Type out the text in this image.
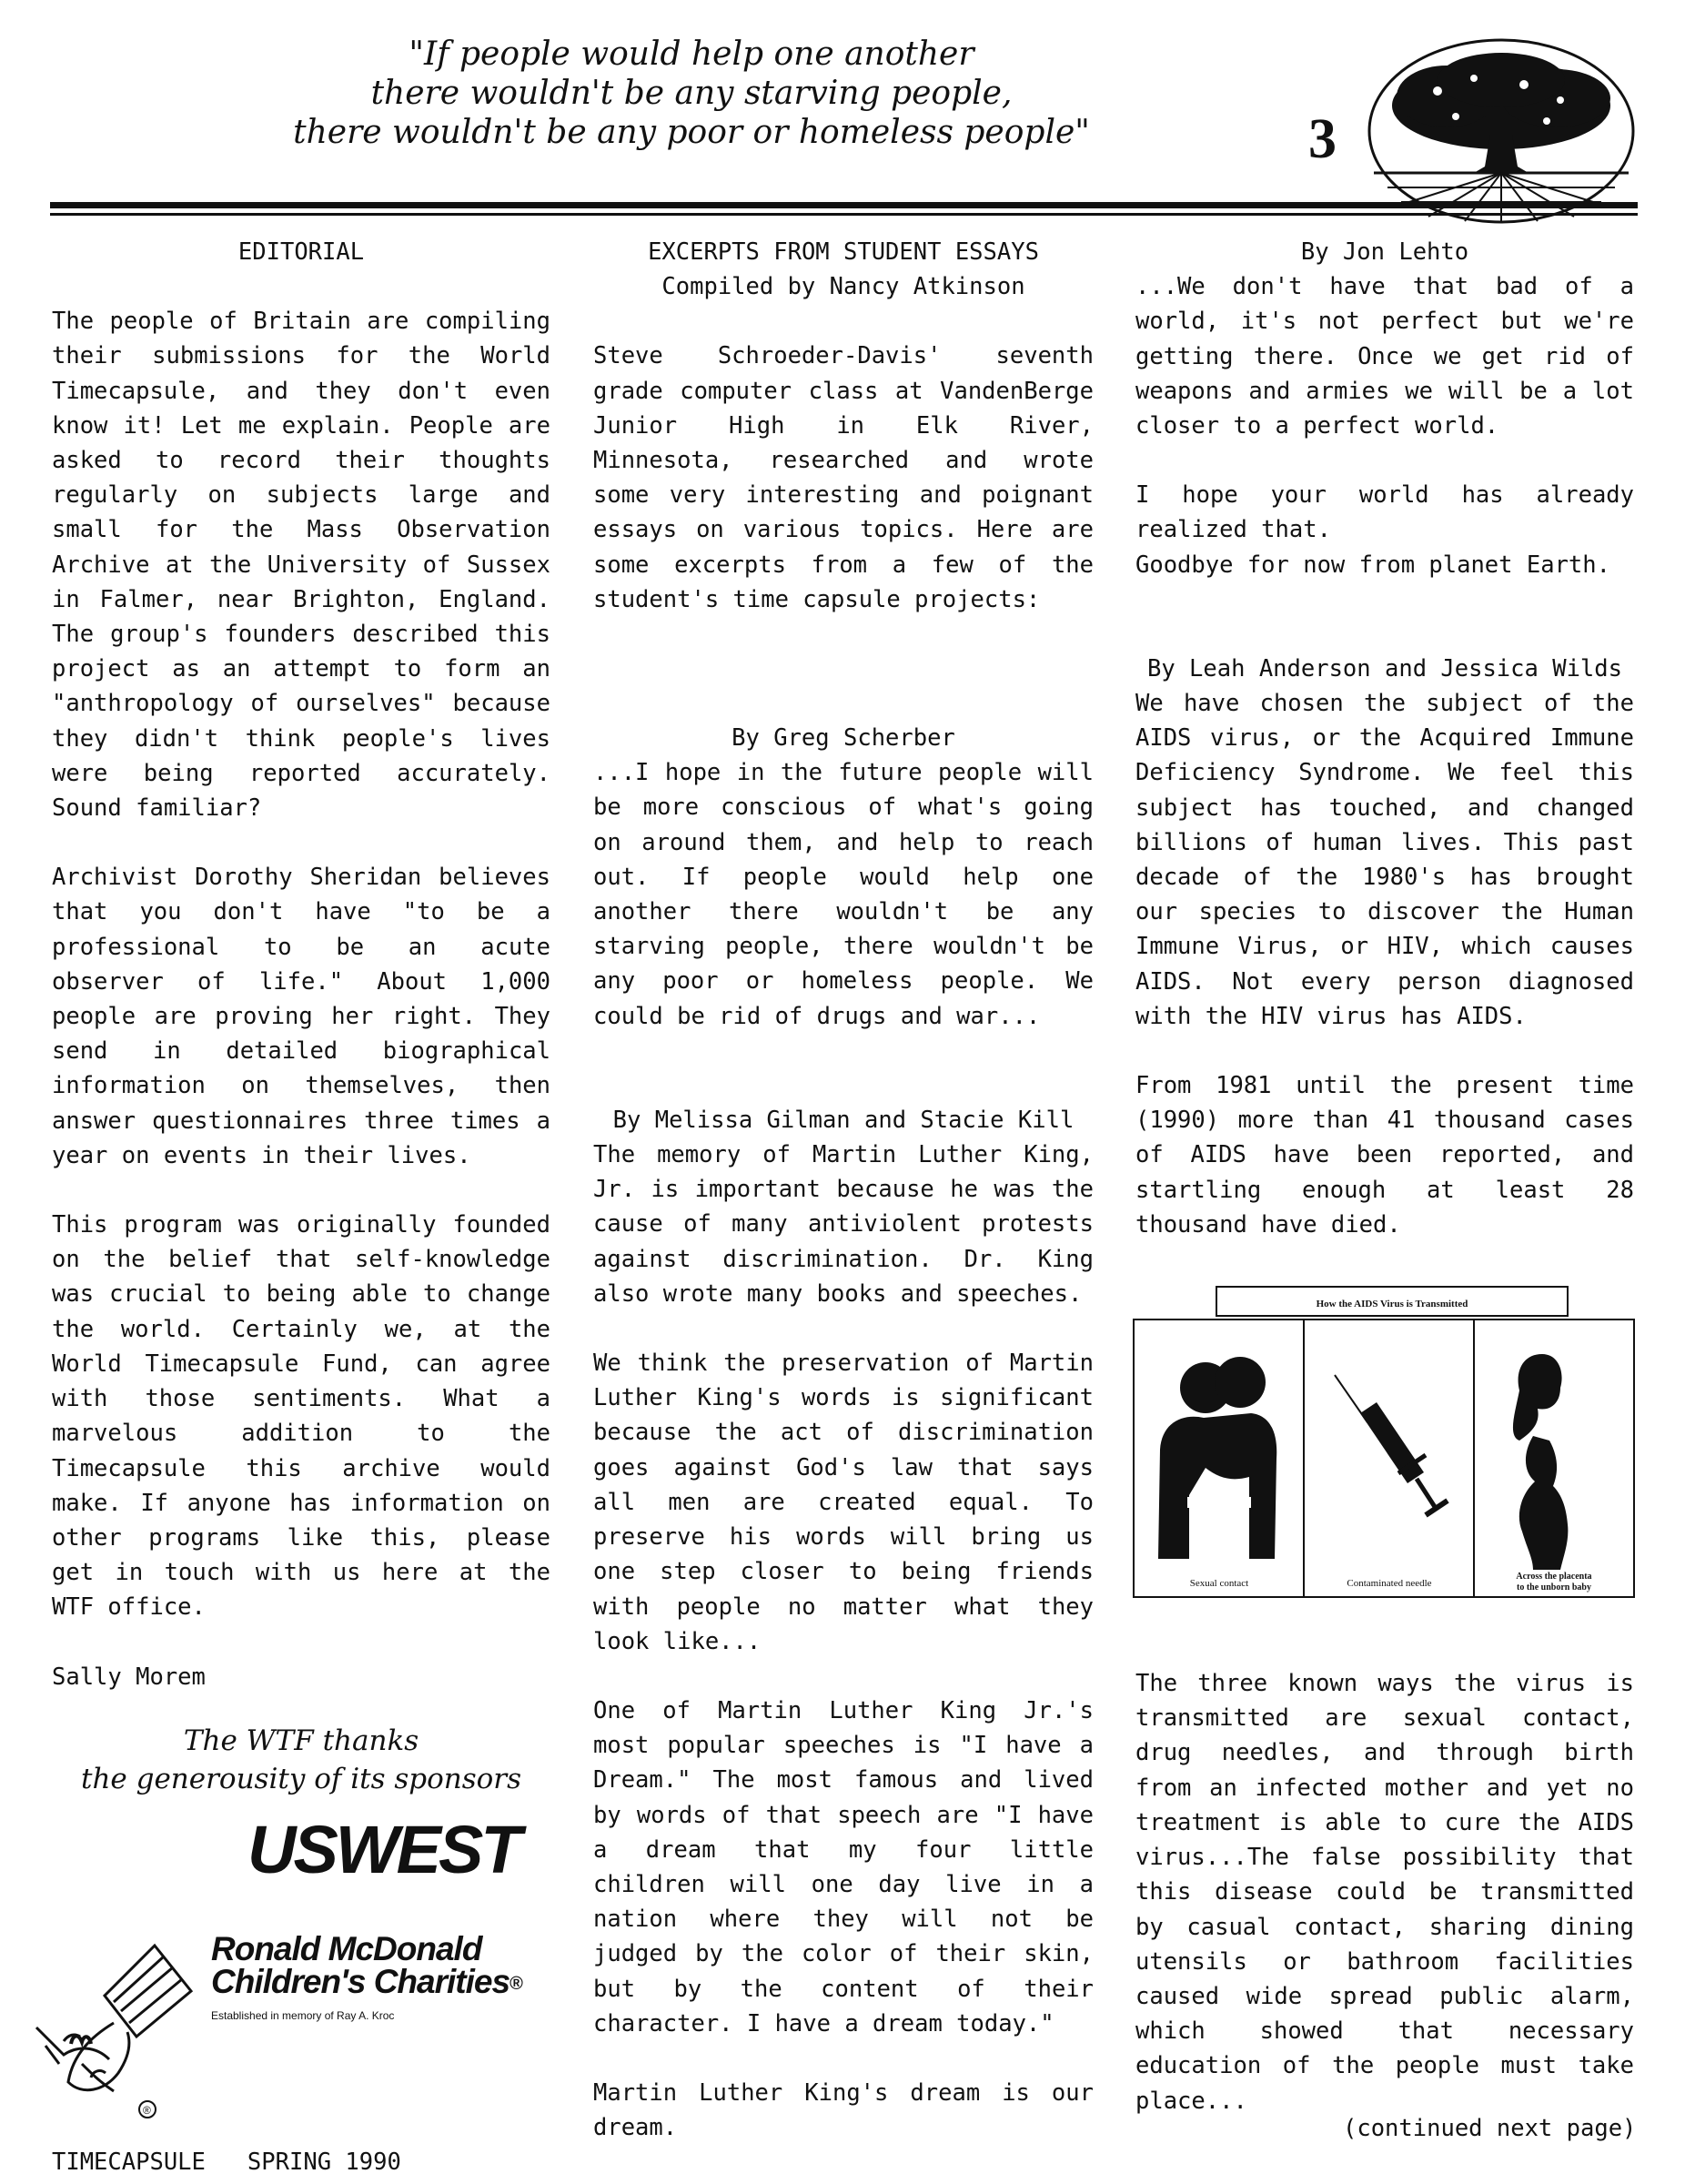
"If people would help one another
there wouldn't be any starving people,
there wouldn't be any poor or homeless people"	3

EDITORIAL

The people of Britain are compiling their submissions for the World Timecapsule, and they don't even know it! Let me explain. People are asked to record their thoughts regularly on subjects large and small for the Mass Observation Archive at the University of Sussex in Falmer, near Brighton, England. The group's founders described this project as an attempt to form an "anthropology of ourselves" because they didn't think people's lives were being reported accurately. Sound familiar?

Archivist Dorothy Sheridan believes that you don't have "to be a professional to be an acute observer of life." About 1,000 people are proving her right. They send in detailed biographical information on themselves, then answer questionnaires three times a year on events in their lives.

This program was originally founded on the belief that self-knowledge was crucial to being able to change the world. Certainly we, at the World Timecapsule Fund, can agree with those sentiments. What a marvelous addition to the Timecapsule this archive would make. If anyone has information on other programs like this, please get in touch with us here at the WTF office.

Sally Morem

The WTF thanks
the generousity of its sponsors
USWEST
®
Ronald McDonald
Children's Charities®
Established in memory of Ray A. Kroc

EXCERPTS FROM STUDENT ESSAYS

Compiled by Nancy Atkinson

Steve Schroeder-Davis' seventh grade computer class at VandenBerge Junior High in Elk River, Minnesota, researched and wrote some very interesting and poignant essays on various topics. Here are some excerpts from a few of the student's time capsule projects:

By Greg Scherber

...I hope in the future people will be more conscious of what's going on around them, and help to reach out. If people would help one another there wouldn't be any starving people, there wouldn't be any poor or homeless people. We could be rid of drugs and war...

By Melissa Gilman and Stacie Kill

The memory of Martin Luther King, Jr. is important because he was the cause of many antiviolent protests against discrimination. Dr. King also wrote many books and speeches.

We think the preservation of Martin Luther King's words is significant because the act of discrimination goes against God's law that says all men are created equal. To preserve his words will bring us one step closer to being friends with people no matter what they look like...

One of Martin Luther King Jr.'s most popular speeches is "I have a Dream." The most famous and lived by words of that speech are "I have a dream that my four little children will one day live in a nation where they will not be judged by the color of their skin, but by the content of their character. I have a dream today."

Martin Luther King's dream is our dream.

By Jon Lehto

...We don't have that bad of a world, it's not perfect but we're getting there. Once we get rid of weapons and armies we will be a lot closer to a perfect world.

I hope your world has already realized that.

Goodbye for now from planet Earth.

By Leah Anderson and Jessica Wilds

We have chosen the subject of the AIDS virus, or the Acquired Immune Deficiency Syndrome. We feel this subject has touched, and changed billions of human lives. This past decade of the 1980's has brought our species to discover the Human Immune Virus, or HIV, which causes AIDS. Not every person diagnosed with the HIV virus has AIDS.

From 1981 until the present time (1990) more than 41 thousand cases of AIDS have been reported, and startling enough at least 28 thousand have died.

The three known ways the virus is transmitted are sexual contact, drug needles, and through birth from an infected mother and yet no treatment is able to cure the AIDS virus...The false possibility that this disease could be transmitted by casual contact, sharing dining utensils or bathroom facilities caused wide spread public alarm, which showed that necessary education of the people must take place...

How the AIDS Virus is Transmitted
Sexual contact	Contaminated needle
Across the placenta
to the unborn baby
(continued next page)
TIMECAPSULE   SPRING 1990
